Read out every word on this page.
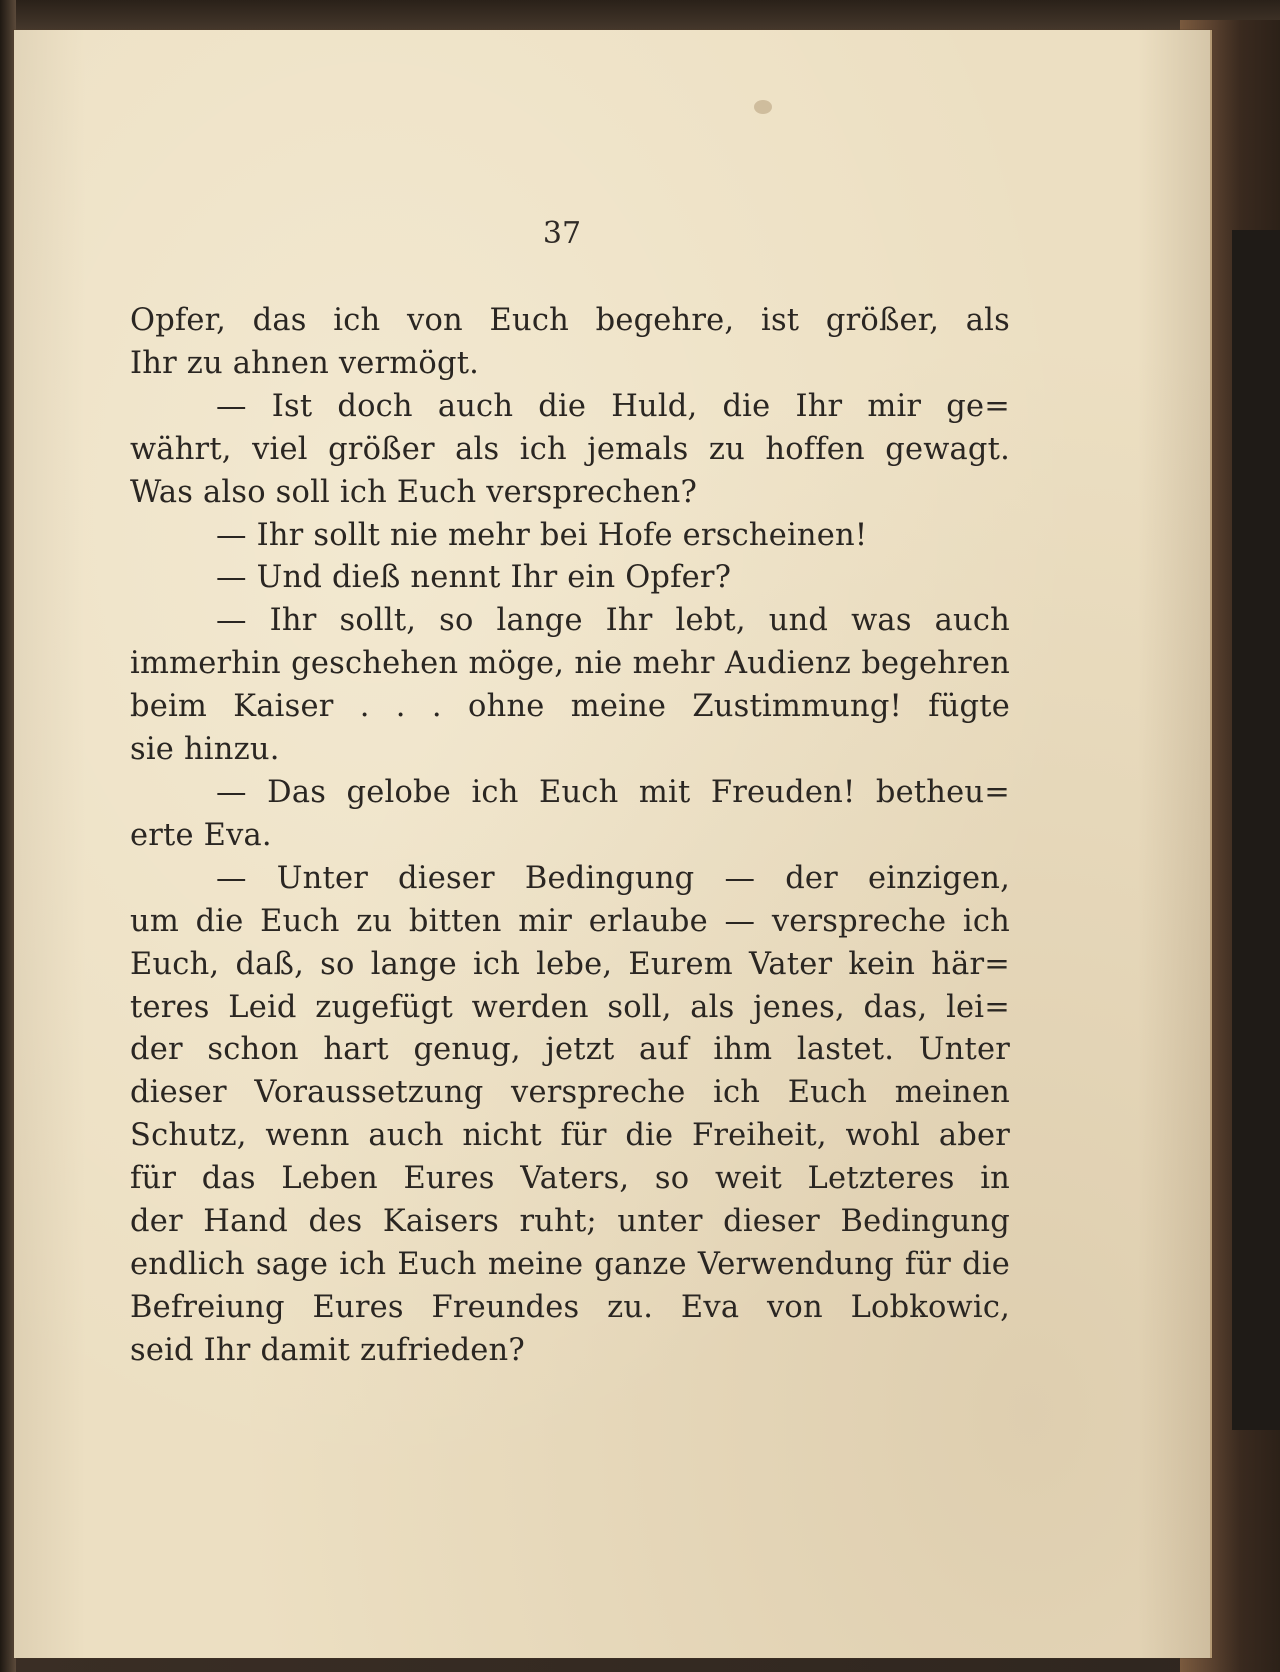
37
Opfer, das ich von Euch begehre, ist größer, als
Ihr zu ahnen vermögt.
— Ist doch auch die Huld, die Ihr mir ge=
währt, viel größer als ich jemals zu hoffen gewagt.
Was also soll ich Euch versprechen?
— Ihr sollt nie mehr bei Hofe erscheinen!
— Und dieß nennt Ihr ein Opfer?
— Ihr sollt, so lange Ihr lebt, und was auch
immerhin geschehen möge, nie mehr Audienz begehren
beim Kaiser . . . ohne meine Zustimmung! fügte
sie hinzu.
— Das gelobe ich Euch mit Freuden! betheu=
erte Eva.
— Unter dieser Bedingung — der einzigen,
um die Euch zu bitten mir erlaube — verspreche ich
Euch, daß, so lange ich lebe, Eurem Vater kein här=
teres Leid zugefügt werden soll, als jenes, das, lei=
der schon hart genug, jetzt auf ihm lastet. Unter
dieser Voraussetzung verspreche ich Euch meinen
Schutz, wenn auch nicht für die Freiheit, wohl aber
für das Leben Eures Vaters, so weit Letzteres in
der Hand des Kaisers ruht; unter dieser Bedingung
endlich sage ich Euch meine ganze Verwendung für die
Befreiung Eures Freundes zu. Eva von Lobkowic,
seid Ihr damit zufrieden?
